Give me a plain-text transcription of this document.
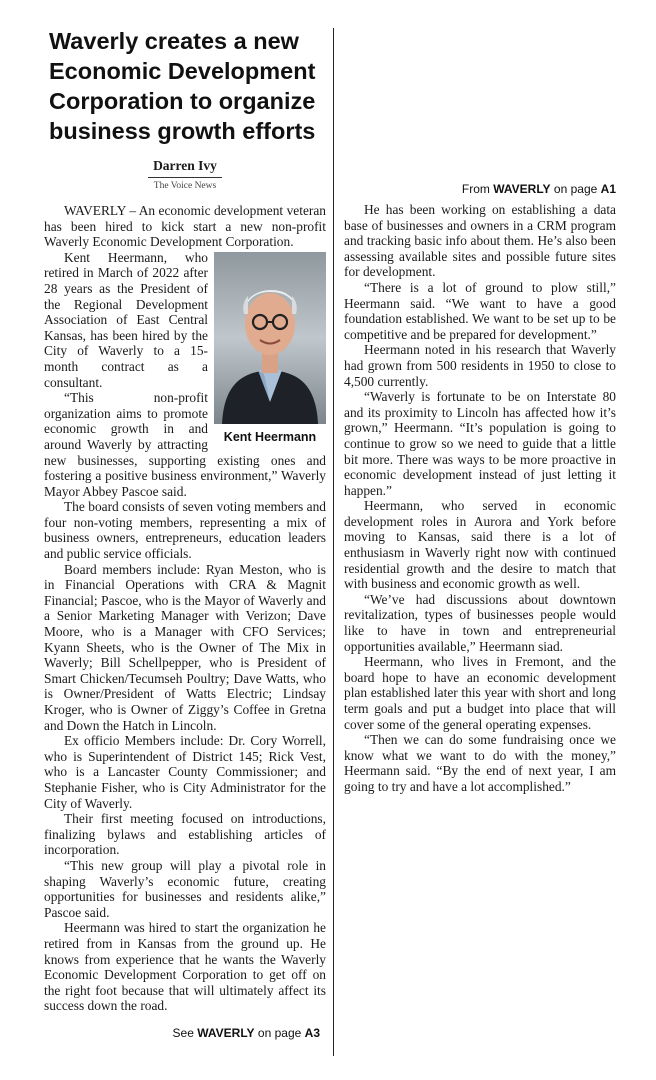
Waverly creates a new Economic Development Corporation to organize business growth efforts
Darren Ivy
The Voice News

WAVERLY – An economic development veteran has been hired to kick start a new non-profit Waverly Economic Development Corporation.

Kent Heermann

Kent Heermann, who retired in March of 2022 after 28 years as the President of the Regional Development Association of East Central Kansas, has been hired by the City of Waverly to a 15-month contract as a consultant.

“This non-profit organization aims to promote economic growth in and around Waverly by attracting new businesses, supporting existing ones and fostering a positive business environment,” Waverly Mayor Abbey Pascoe said.

The board consists of seven voting members and four non-voting members, representing a mix of business owners, entrepreneurs, education leaders and public service officials.

Board members include: Ryan Meston, who is in Financial Operations with CRA & Magnit Financial; Pascoe, who is the Mayor of Waverly and a Senior Marketing Manager with Verizon; Dave Moore, who is a Manager with CFO Services; Kyann Sheets, who is the Owner of The Mix in Waverly; Bill Schellpepper, who is President of Smart Chicken/Tecumseh Poultry; Dave Watts, who is Owner/President of Watts Electric; Lindsay Kroger, who is Owner of Ziggy’s Coffee in Gretna and Down the Hatch in Lincoln.

Ex officio Members include: Dr. Cory Worrell, who is Superintendent of District 145; Rick Vest, who is a Lancaster County Commissioner; and Stephanie Fisher, who is City Administrator for the City of Waverly.

Their first meeting focused on introductions, finalizing bylaws and establishing articles of incorporation.

“This new group will play a pivotal role in shaping Waverly’s economic future, creating opportunities for businesses and residents alike,” Pascoe said.

Heermann was hired to start the organization he retired from in Kansas from the ground up. He knows from experience that he wants the Waverly Economic Development Corporation to get off on the right foot because that will ultimately affect its success down the road.

See WAVERLY on page A3
From WAVERLY on page A1

He has been working on establishing a data base of businesses and owners in a CRM program and tracking basic info about them. He’s also been assessing available sites and possible future sites for development.

“There is a lot of ground to plow still,” Heermann said. “We want to have a good foundation established. We want to be set up to be competitive and be prepared for development.”

Heermann noted in his research that Waverly had grown from 500 residents in 1950 to close to 4,500 currently.

“Waverly is fortunate to be on Interstate 80 and its proximity to Lincoln has affected how it’s grown,” Heermann. “It’s population is going to continue to grow so we need to guide that a little bit more. There was ways to be more proactive in economic development instead of just letting it happen.”

Heermann, who served in economic development roles in Aurora and York before moving to Kansas, said there is a lot of enthusiasm in Waverly right now with continued residential growth and the desire to match that with business and economic growth as well.

“We’ve had discussions about downtown revitalization, types of businesses people would like to have in town and entrepreneurial opportunities available,” Heermann siad.

Heermann, who lives in Fremont, and the board hope to have an economic development plan established later this year with short and long term goals and put a budget into place that will cover some of the general operating expenses.

“Then we can do some fundraising once we know what we want to do with the money,” Heermann said. “By the end of next year, I am going to try and have a lot accomplished.”
